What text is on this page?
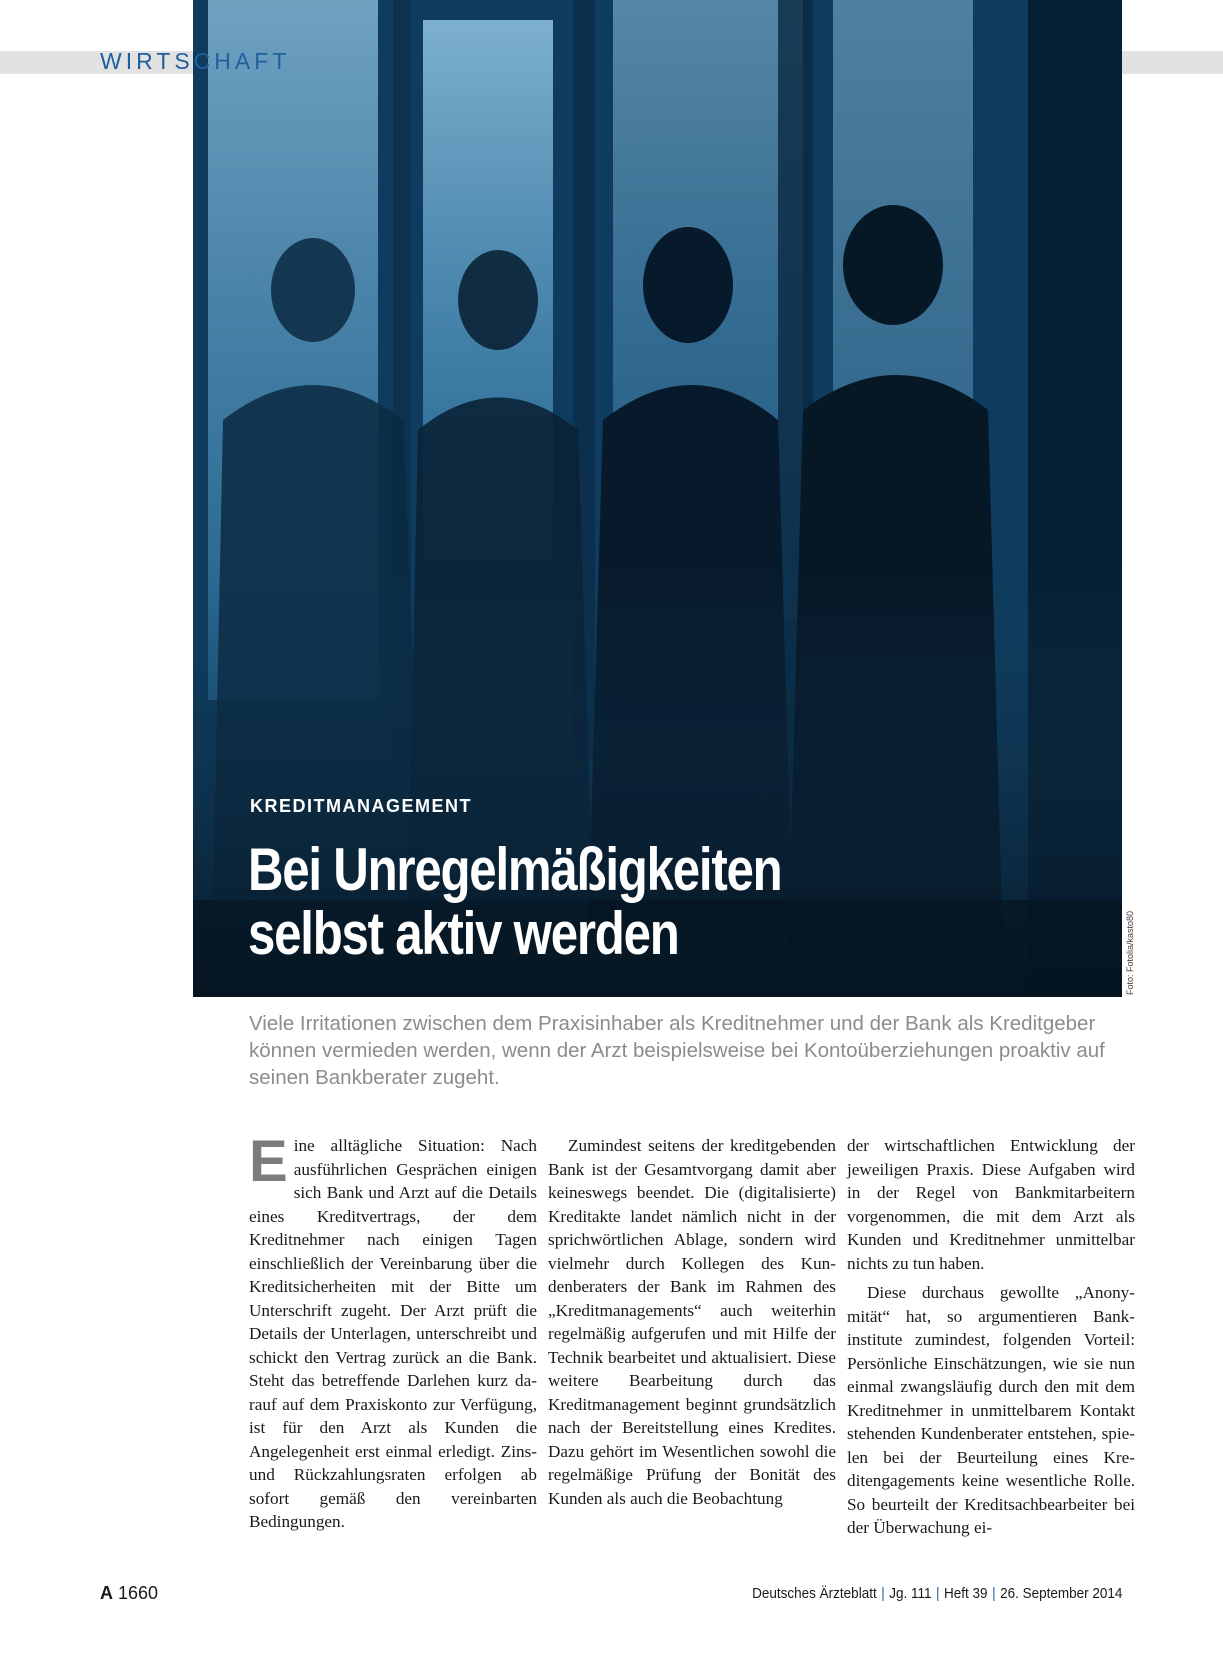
WIRTSCHAFT
KREDITMANAGEMENT
Bei Unregelmäßigkeiten
selbst aktiv werden	Foto: Fotolia/kasto80
Viele Irritationen zwischen dem Praxisinhaber als Kreditnehmer und der Bank als Kreditgeber können vermieden werden, wenn der Arzt beispielsweise bei Kontoüberziehungen proaktiv auf seinen Bankberater zugeht.
E ine alltägliche Situation: Nach ausführlichen Gesprächen einigen sich Bank und Arzt auf die Details eines Kreditvertrags, der dem Kreditnehmer nach einigen Tagen einschließlich der Vereinbarung über die Kreditsicherheiten mit der Bitte um Unterschrift zugeht. Der Arzt prüft die Details der Unterlagen, unterschreibt und schickt den Vertrag zurück an die Bank. Steht das betreffende Darlehen kurz darauf auf dem Praxiskonto zur Verfügung, ist für den Arzt als Kunden die Angelegenheit erst einmal erledigt. Zins- und Rückzahlungsraten erfolgen ab sofort gemäß den vereinbarten Bedingungen.
Zumindest seitens der kreditgebenden Bank ist der Gesamtvorgang damit aber keineswegs beendet. Die (digitalisierte) Kreditakte landet nämlich nicht in der sprichwörtlichen Ablage, sondern wird vielmehr durch Kollegen des Kundenberaters der Bank im Rahmen des „Kreditmanagements“ auch weiterhin regelmäßig aufgerufen und mit Hilfe der Technik bearbeitet und aktualisiert. Diese weitere Bearbeitung durch das Kreditmanagement beginnt grundsätzlich nach der Bereitstellung eines Kredites. Dazu gehört im Wesentlichen sowohl die regelmäßige Prüfung der Bonität des Kunden als auch die Beobachtung

der wirtschaftlichen Entwicklung der jeweiligen Praxis. Diese Aufgaben wird in der Regel von Bankmitarbeitern vorgenommen, die mit dem Arzt als Kunden und Kreditnehmer unmittelbar nichts zu tun haben.

Diese durchaus gewollte „Anonymität“ hat, so argumentieren Bankinstitute zumindest, folgenden Vorteil: Persönliche Einschätzungen, wie sie nun einmal zwangsläufig durch den mit dem Kreditnehmer in unmittelbarem Kontakt stehenden Kundenberater entstehen, spielen bei der Beurteilung eines Kreditengagements keine wesentliche Rolle. So beurteilt der Kreditsachbearbeiter bei der Überwachung ei-

A 1660	Deutsches Ärzteblatt | Jg. 111 | Heft 39 | 26. September 2014
